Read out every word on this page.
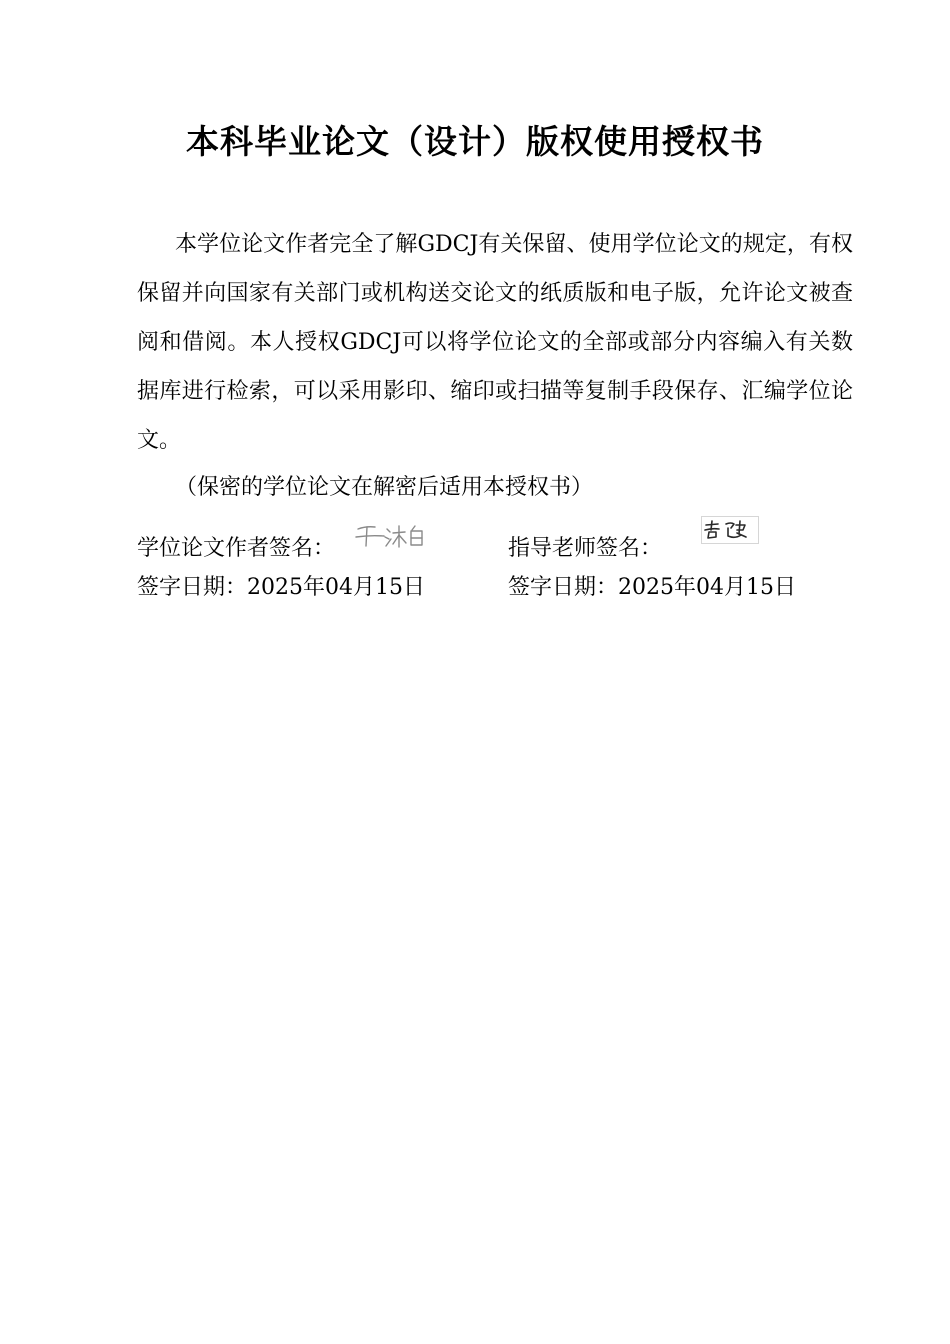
本科毕业论文（设计）版权使用授权书

本学位论文作者完全了解GDCJ有关保留、使用学位论文的规定，有权保留并向国家有关部门或机构送交论文的纸质版和电子版，允许论文被查阅和借阅。本人授权GDCJ可以将学位论文的全部或部分内容编入有关数据库进行检索，可以采用影印、缩印或扫描等复制手段保存、汇编学位论文。

（保密的学位论文在解密后适用本授权书）
学位论文作者签名：	指导老师签名：
签字日期：2025年04月15日	签字日期：2025年04月15日
